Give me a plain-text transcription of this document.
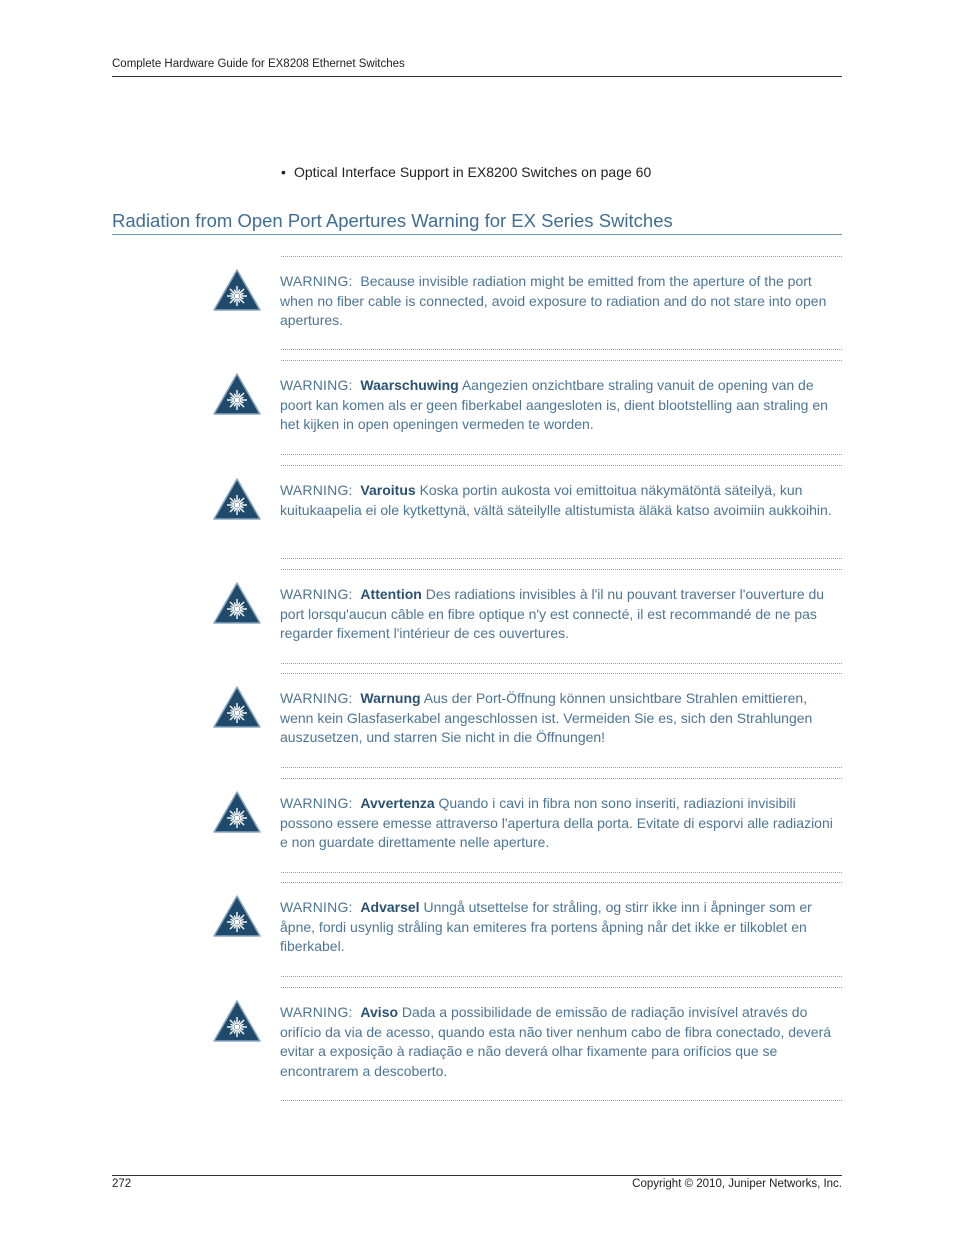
Complete Hardware Guide for EX8208 Ethernet Switches
• Optical Interface Support in EX8200 Switches on page 60
Radiation from Open Port Apertures Warning for EX Series Switches
WARNING: Because invisible radiation might be emitted from the aperture of the port when no fiber cable is connected, avoid exposure to radiation and do not stare into open apertures.
WARNING: Waarschuwing Aangezien onzichtbare straling vanuit de opening van de poort kan komen als er geen fiberkabel aangesloten is, dient blootstelling aan straling en het kijken in open openingen vermeden te worden.
WARNING: Varoitus Koska portin aukosta voi emittoitua näkymätöntä säteilyä, kun kuitukaapelia ei ole kytkettynä, vältä säteilylle altistumista äläkä katso avoimiin aukkoihin.
WARNING: Attention Des radiations invisibles à l'il nu pouvant traverser l'ouverture du port lorsqu'aucun câble en fibre optique n'y est connecté, il est recommandé de ne pas regarder fixement l'intérieur de ces ouvertures.
WARNING: Warnung Aus der Port-Öffnung können unsichtbare Strahlen emittieren, wenn kein Glasfaserkabel angeschlossen ist. Vermeiden Sie es, sich den Strahlungen auszusetzen, und starren Sie nicht in die Öffnungen!
WARNING: Avvertenza Quando i cavi in fibra non sono inseriti, radiazioni invisibili possono essere emesse attraverso l'apertura della porta. Evitate di esporvi alle radiazioni e non guardate direttamente nelle aperture.
WARNING: Advarsel Unngå utsettelse for stråling, og stirr ikke inn i åpninger som er åpne, fordi usynlig stråling kan emiteres fra portens åpning når det ikke er tilkoblet en fiberkabel.
WARNING: Aviso Dada a possibilidade de emissão de radiação invisível através do orifício da via de acesso, quando esta não tiver nenhum cabo de fibra conectado, deverá evitar a exposição à radiação e não deverá olhar fixamente para orifícios que se encontrarem a descoberto.
272	Copyright © 2010, Juniper Networks, Inc.
